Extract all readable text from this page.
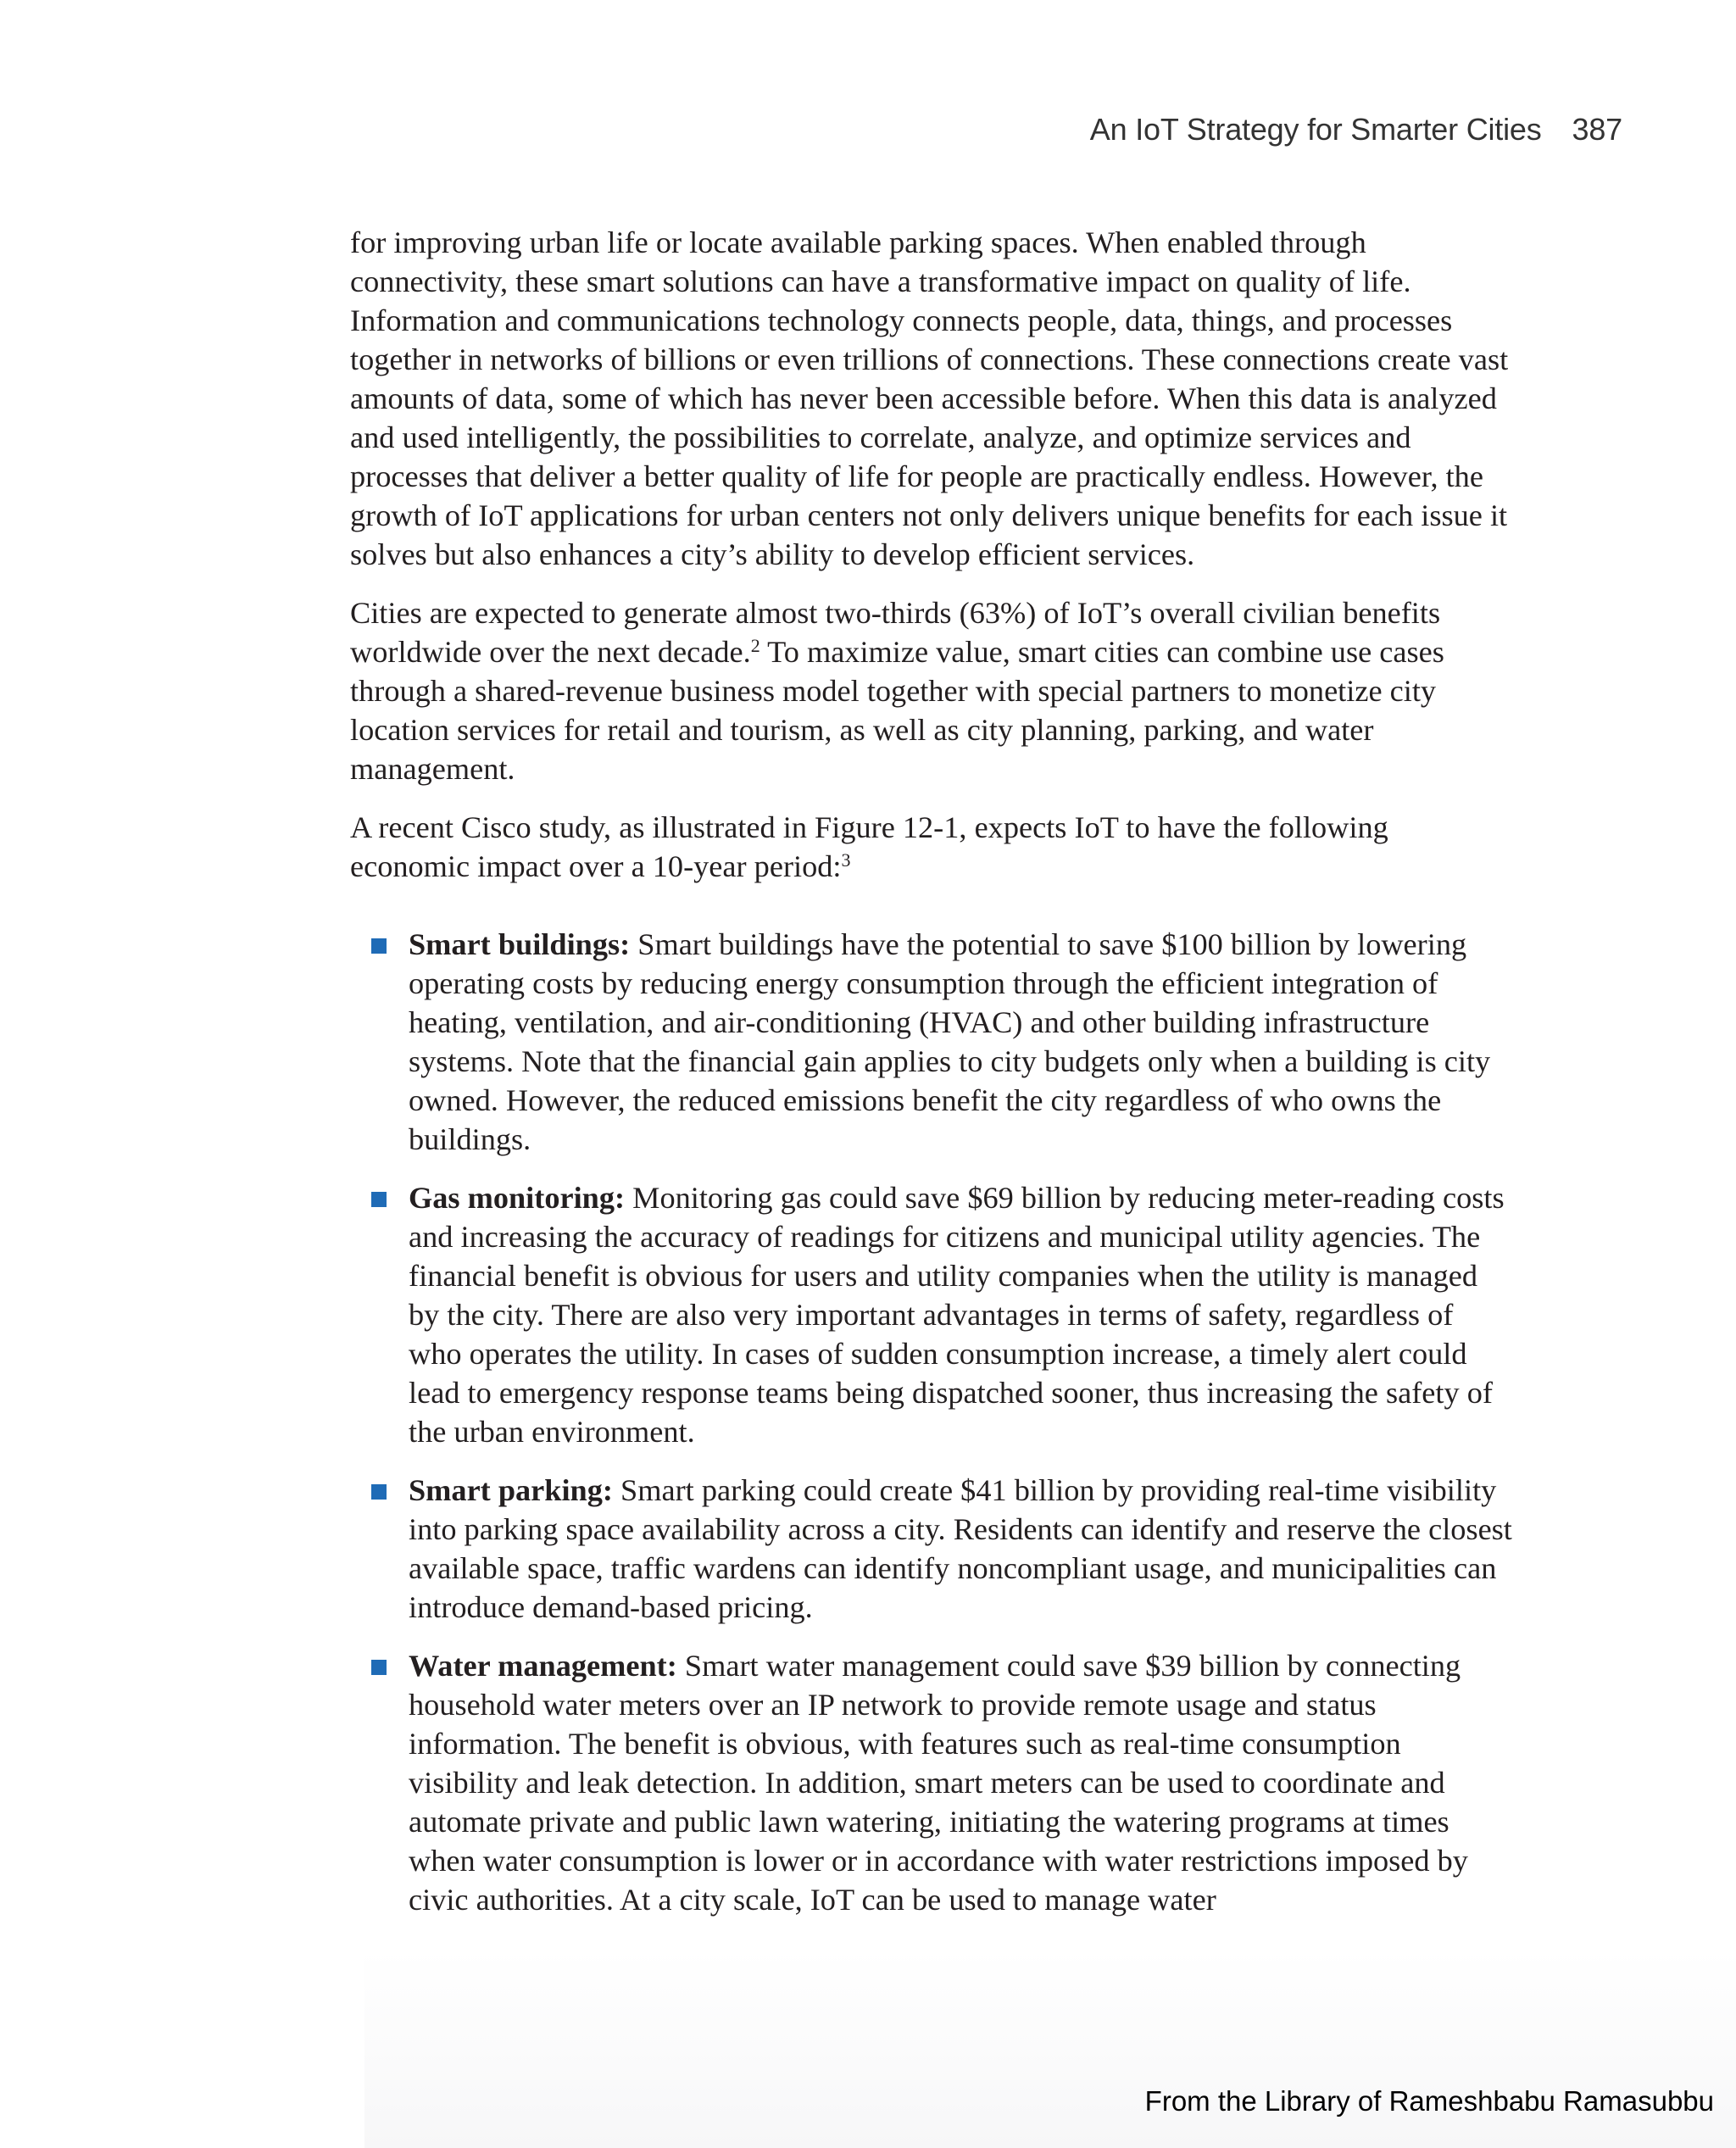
An IoT Strategy for Smarter Cities 387

for improving urban life or locate available parking spaces. When enabled through connectivity, these smart solutions can have a transformative impact on quality of life. Information and communications technology connects people, data, things, and processes together in networks of billions or even trillions of connections. These connections create vast amounts of data, some of which has never been accessible before. When this data is analyzed and used intelligently, the possibilities to correlate, analyze, and optimize services and processes that deliver a better quality of life for people are practically endless. However, the growth of IoT applications for urban centers not only delivers unique benefits for each issue it solves but also enhances a city’s ability to develop efficient services.

Cities are expected to generate almost two-thirds (63%) of IoT’s overall civilian benefits worldwide over the next decade.$^2$ To maximize value, smart cities can combine use cases through a shared-revenue business model together with special partners to monetize city location services for retail and tourism, as well as city planning, parking, and water management.

A recent Cisco study, as illustrated in Figure 12-1, expects IoT to have the following economic impact over a 10-year period:$^3$

Smart buildings: Smart buildings have the potential to save $100 billion by lowering operating costs by reducing energy consumption through the efficient integration of heating, ventilation, and air-conditioning (HVAC) and other building infrastructure systems. Note that the financial gain applies to city budgets only when a building is city owned. However, the reduced emissions benefit the city regardless of who owns the buildings.
Gas monitoring: Monitoring gas could save $69 billion by reducing meter-reading costs and increasing the accuracy of readings for citizens and municipal utility agencies. The financial benefit is obvious for users and utility companies when the utility is managed by the city. There are also very important advantages in terms of safety, regardless of who operates the utility. In cases of sudden consumption increase, a timely alert could lead to emergency response teams being dispatched sooner, thus increasing the safety of the urban environment.
Smart parking: Smart parking could create $41 billion by providing real-time visibility into parking space availability across a city. Residents can identify and reserve the closest available space, traffic wardens can identify noncompliant usage, and municipalities can introduce demand-based pricing.
Water management: Smart water management could save $39 billion by connecting household water meters over an IP network to provide remote usage and status information. The benefit is obvious, with features such as real-time consumption visibility and leak detection. In addition, smart meters can be used to coordinate and automate private and public lawn watering, initiating the watering programs at times when water consumption is lower or in accordance with water restrictions imposed by civic authorities. At a city scale, IoT can be used to manage water
From the Library of Rameshbabu Ramasubbu
